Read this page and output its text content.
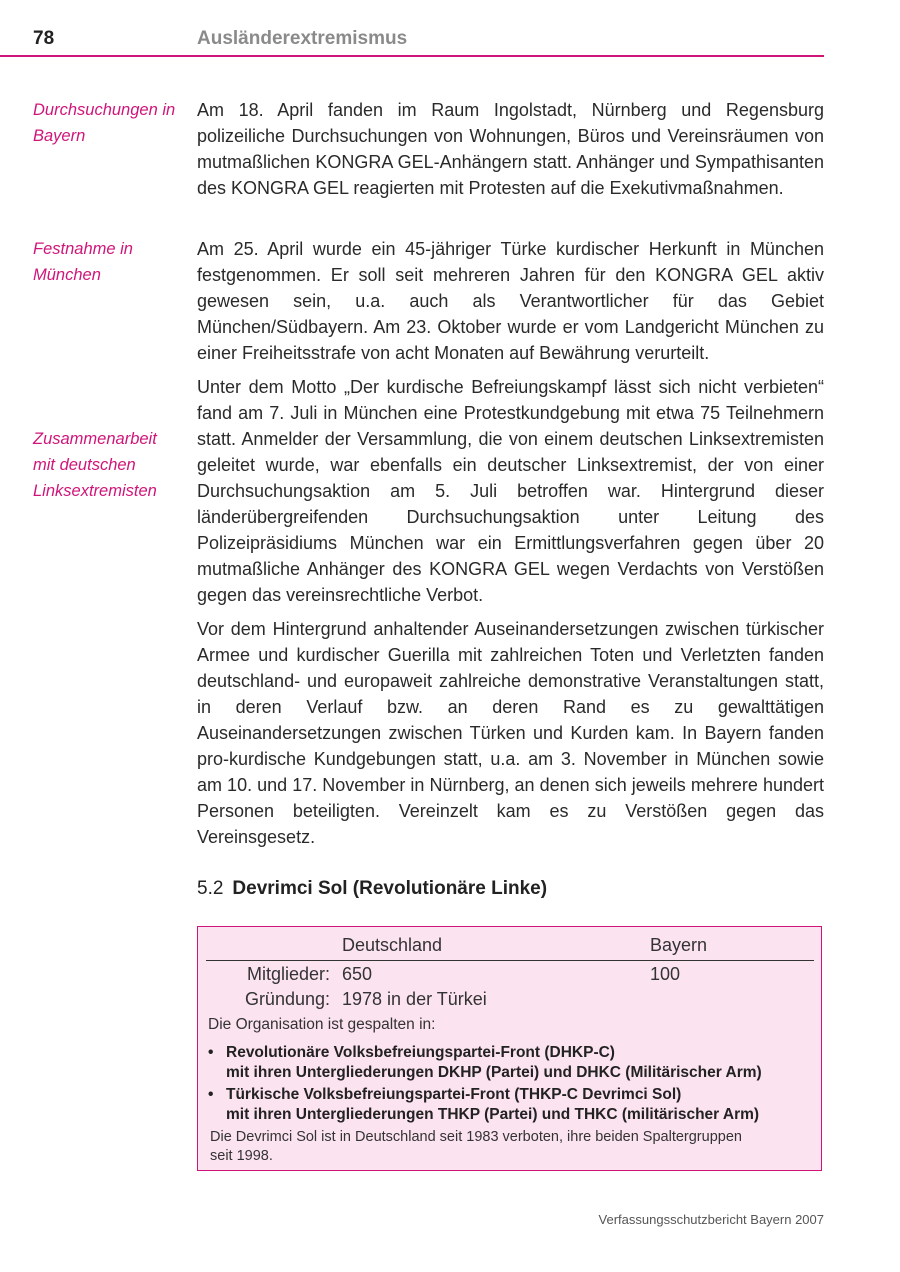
78	Ausländerextremismus
Durchsuchungen in Bayern
Festnahme in München
Zusammenarbeit mit deutschen Linksextremisten

Am 18. April fanden im Raum Ingolstadt, Nürnberg und Regensburg polizeiliche Durchsuchungen von Wohnungen, Büros und Vereinsräumen von mutmaßlichen KONGRA GEL-Anhängern statt. Anhänger und Sympathisanten des KONGRA GEL reagierten mit Protesten auf die Exekutivmaßnahmen.

Am 25. April wurde ein 45-jähriger Türke kurdischer Herkunft in München festgenommen. Er soll seit mehreren Jahren für den KONGRA GEL aktiv gewesen sein, u.a. auch als Verantwortlicher für das Gebiet München/Südbayern. Am 23. Oktober wurde er vom Landgericht München zu einer Freiheitsstrafe von acht Monaten auf Bewährung verurteilt.

Unter dem Motto „Der kurdische Befreiungskampf lässt sich nicht verbieten“ fand am 7. Juli in München eine Protestkundgebung mit etwa 75 Teilnehmern statt. Anmelder der Versammlung, die von einem deutschen Linksextremisten geleitet wurde, war ebenfalls ein deutscher Linksextremist, der von einer Durchsuchungsaktion am 5. Juli betroffen war. Hintergrund dieser länderübergreifenden Durchsuchungsaktion unter Leitung des Polizeipräsidiums München war ein Ermittlungsverfahren gegen über 20 mutmaßliche Anhänger des KONGRA GEL wegen Verdachts von Verstößen gegen das vereinsrechtliche Verbot.

Vor dem Hintergrund anhaltender Auseinandersetzungen zwischen türkischer Armee und kurdischer Guerilla mit zahlreichen Toten und Verletzten fanden deutschland- und europaweit zahlreiche demonstrative Veranstaltungen statt, in deren Verlauf bzw. an deren Rand es zu gewalttätigen Auseinandersetzungen zwischen Türken und Kurden kam. In Bayern fanden pro-kurdische Kundgebungen statt, u.a. am 3. November in München sowie am 10. und 17. November in Nürnberg, an denen sich jeweils mehrere hundert Personen beteiligten. Vereinzelt kam es zu Verstößen gegen das Vereinsgesetz.

5.2 Devrimci Sol (Revolutionäre Linke)
Deutschland	Bayern
Mitglieder: 650	100
Gründung: 1978 in der Türkei
Die Organisation ist gespalten in:
• Revolutionäre Volksbefreiungspartei-Front (DHKP-C)
mit ihren Untergliederungen DKHP (Partei) und DHKC (Militärischer Arm)
• Türkische Volksbefreiungspartei-Front (THKP-C Devrimci Sol)
mit ihren Untergliederungen THKP (Partei) und THKC (militärischer Arm)
Die Devrimci Sol ist in Deutschland seit 1983 verboten, ihre beiden Spaltergruppen seit 1998.
Verfassungsschutzbericht Bayern 2007
